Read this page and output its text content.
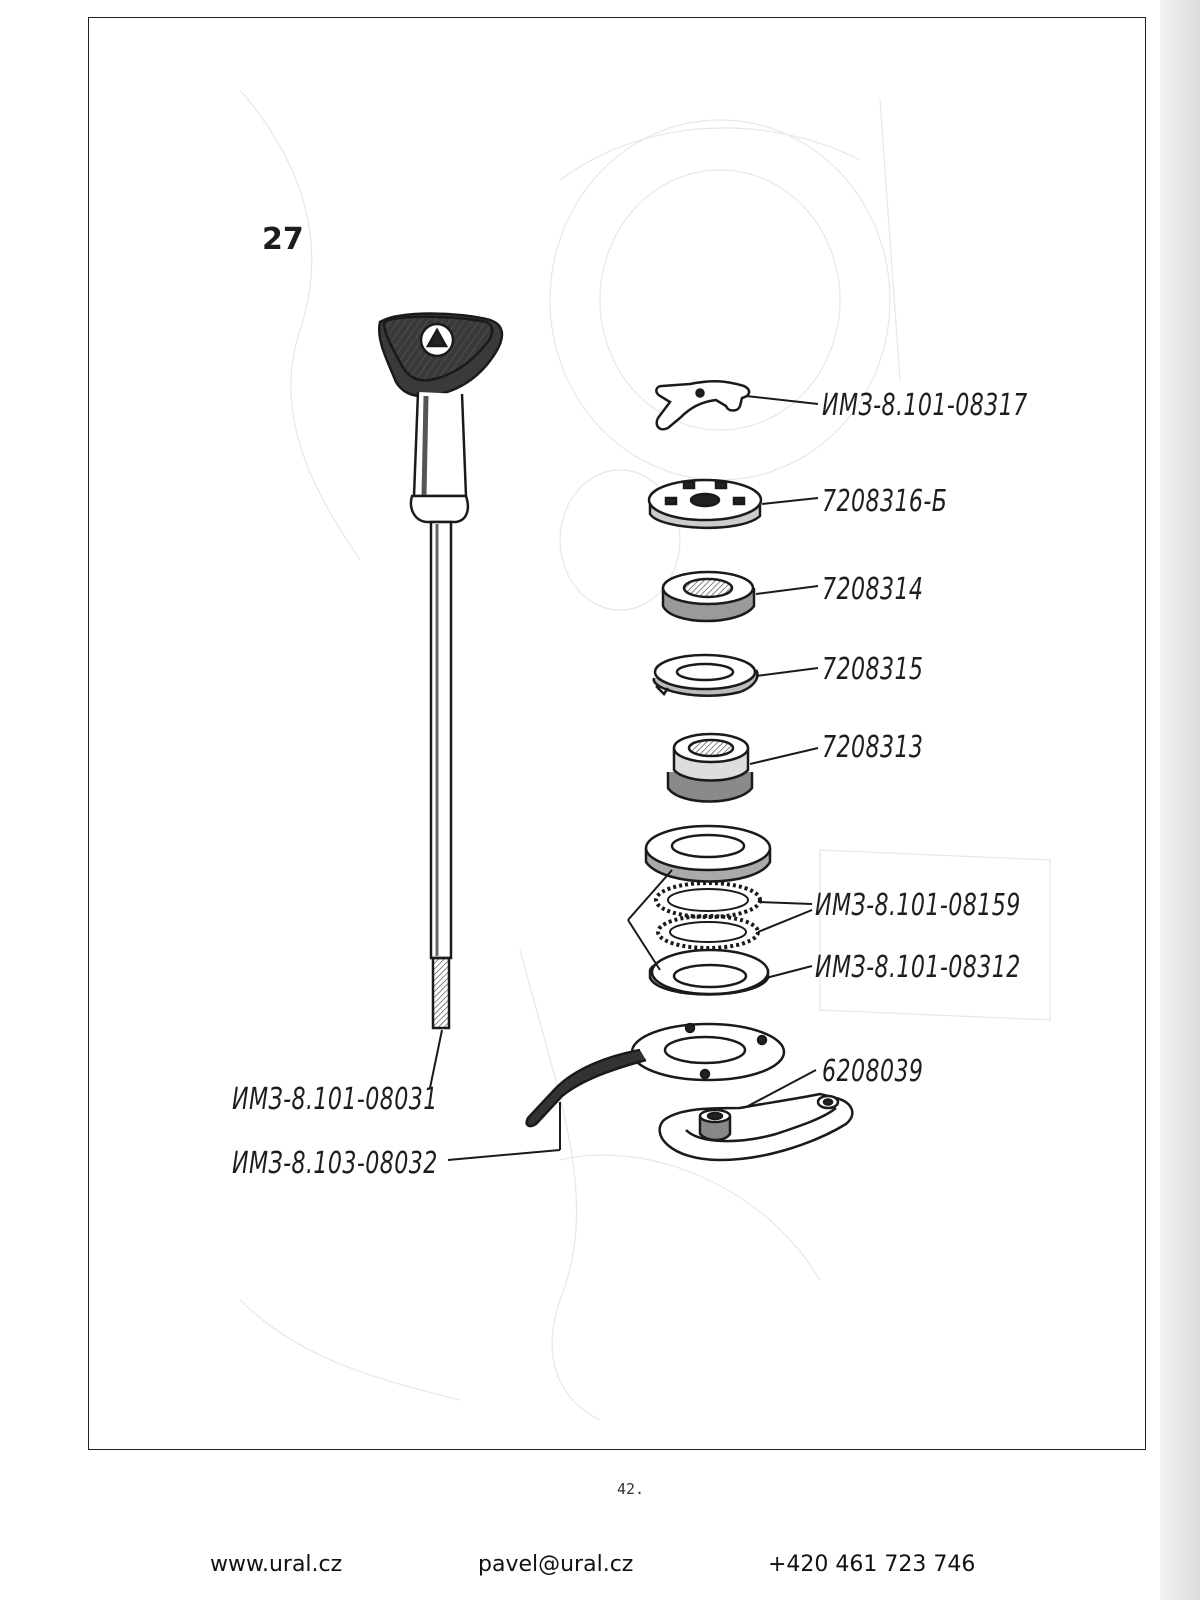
27
ИМЗ-8.101-08317
7208316-Б
7208314
7208315
7208313
ИМЗ-8.101-08159
ИМЗ-8.101-08312
6208039
ИМЗ-8.101-08031
ИМЗ-8.103-08032
42.
www.ural.cz	pavel@ural.cz	+420 461 723 746
